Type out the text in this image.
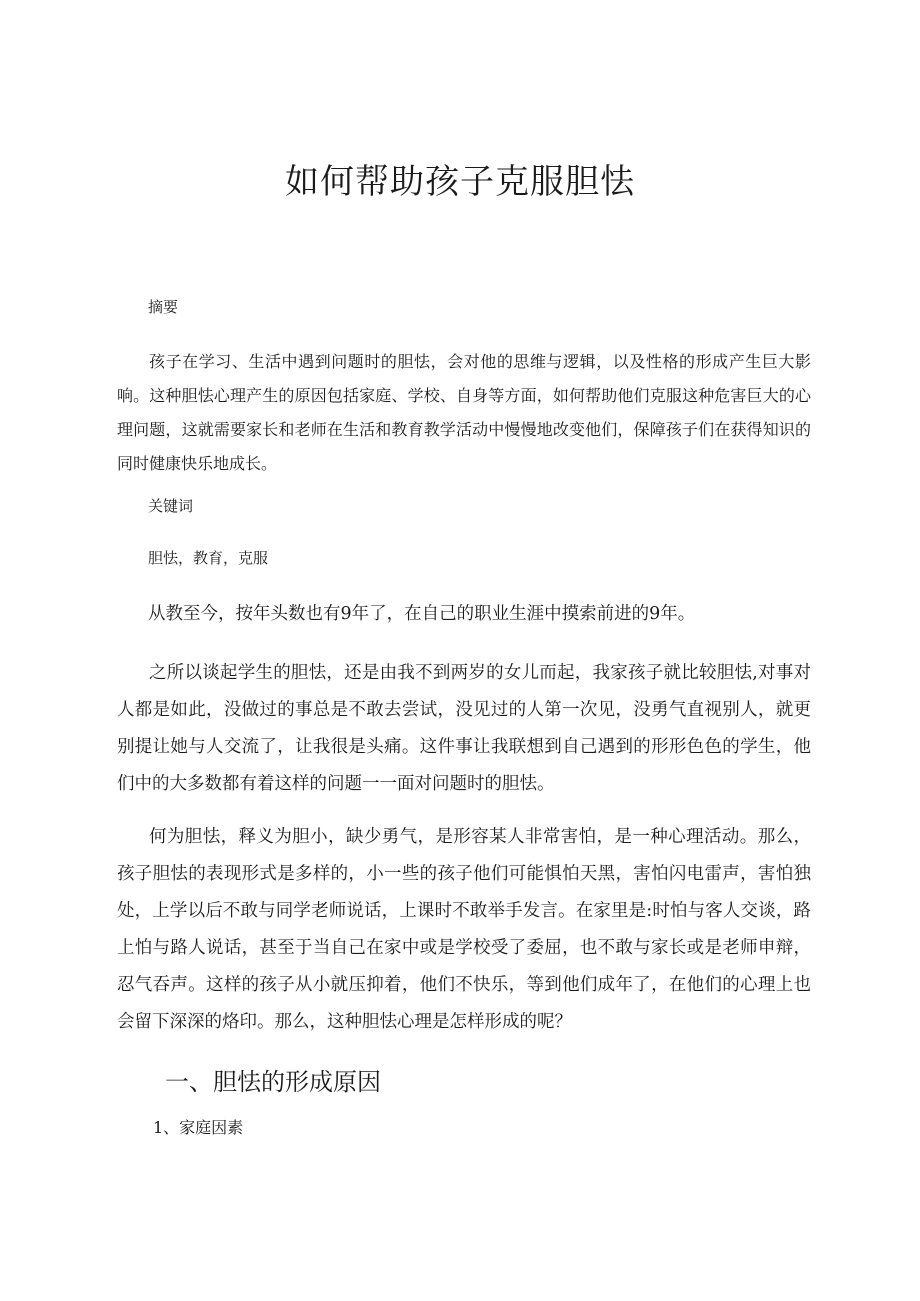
如何帮助孩子克服胆怯

摘要

孩子在学习、生活中遇到问题时的胆怯，会对他的思维与逻辑，以及性格的形成产生巨大影响。这种胆怯心理产生的原因包括家庭、学校、自身等方面，如何帮助他们克服这种危害巨大的心理问题，这就需要家长和老师在生活和教育教学活动中慢慢地改变他们，保障孩子们在获得知识的同时健康快乐地成长。

关键词

胆怯，教育，克服

从教至今，按年头数也有9年了，在自己的职业生涯中摸索前进的9年。

之所以谈起学生的胆怯，还是由我不到两岁的女儿而起，我家孩子就比较胆怯,对事对人都是如此，没做过的事总是不敢去尝试，没见过的人第一次见，没勇气直视别人，就更别提让她与人交流了，让我很是头痛。这件事让我联想到自己遇到的形形色色的学生，他们中的大多数都有着这样的问题一一面对问题时的胆怯。

何为胆怯，释义为胆小，缺少勇气，是形容某人非常害怕，是一种心理活动。那么，孩子胆怯的表现形式是多样的，小一些的孩子他们可能惧怕天黑，害怕闪电雷声，害怕独处，上学以后不敢与同学老师说话，上课时不敢举手发言。在家里是:时怕与客人交谈，路上怕与路人说话，甚至于当自己在家中或是学校受了委屈，也不敢与家长或是老师申辩，忍气吞声。这样的孩子从小就压抑着，他们不快乐，等到他们成年了，在他们的心理上也会留下深深的烙印。那么，这种胆怯心理是怎样形成的呢？

一、胆怯的形成原因

1、家庭因素
